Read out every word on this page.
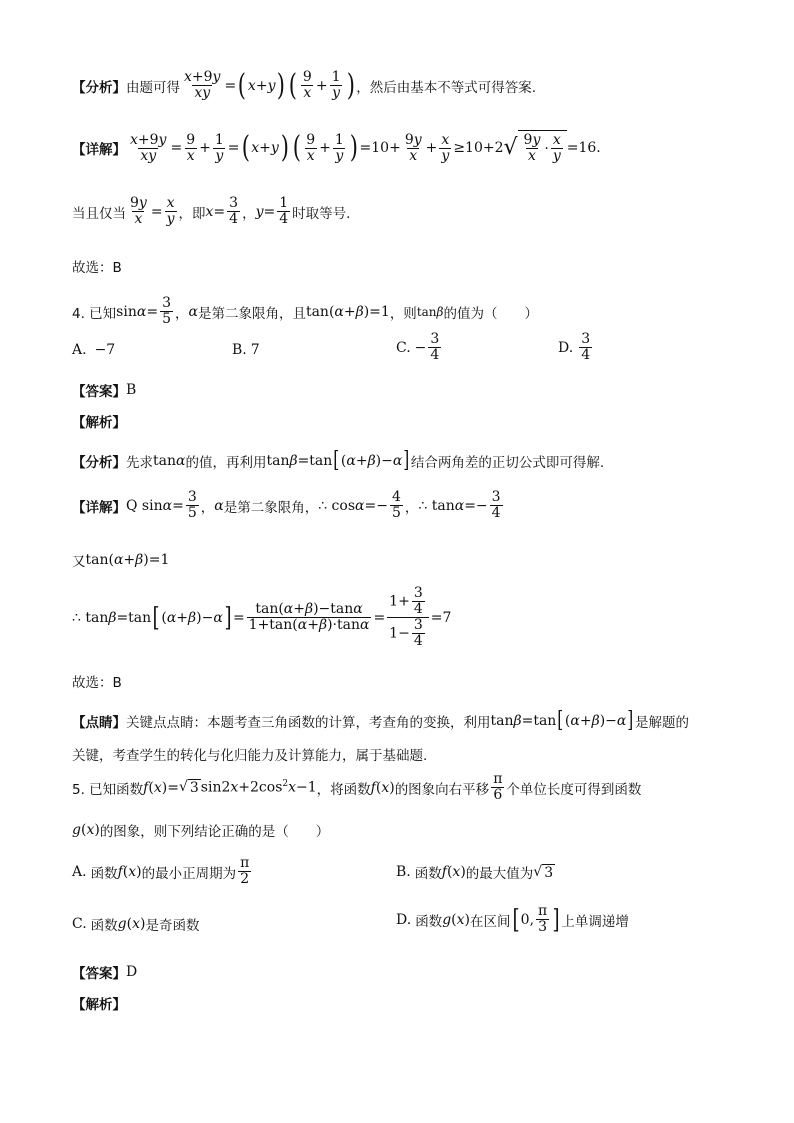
【分析】 由题可得 $\frac{x+9y}{xy}$ = ( x + y ) ( $\frac{9}{x} + \frac{1}{y}$ ) ，然后由基本不等式可得答案.
【详解】 $\frac{x+9y}{xy} = \frac{9}{x} + \frac{1}{y}$ = ( x + y ) ( $\frac{9}{x} + \frac{1}{y}$ ) $=10+ \frac{9y}{x} + \frac{x}{y} \ge 10+2$ √ $\frac{9y}{x} \cdot \frac{x}{y} =16$.
当且仅当 $\frac{9y}{x} = \frac{x}{y}$ ，即 $x = \frac{3}{4}$ ， $y = \frac{1}{4}$ 时取等号.
故选：B
4. 已知 $\sin \alpha = \frac{3}{5}$ ， α 是第二象限角，且 tan(α+β)=1 ，则 tanβ 的值为（　　）
A. −7	B. 7	C. − $\frac{3}{4}$	D. $\frac{3}{4}$
【答案】 B
【解析】
【分析】 先求 tanα 的值，再利用 tanβ=tan [ ( α + β )− α ] 结合两角差的正切公式即可得解.
【详解】 Q $\sin\alpha= \frac{3}{5}$ ， α 是第二象限角， ∴ $\cos\alpha=- \frac{4}{5}$ ， ∴ $\tan\alpha=- \frac{3}{4}$
又 tan(α+β)=1
∴ tanβ=tan [ ( α + β )− α ] = $\frac{\tan(\alpha+\beta)-\tan\alpha}{1+\tan(\alpha+\beta)\cdot\tan\alpha} = \frac{1+ \frac{3}{4}}{1- \frac{3}{4}} =7$
故选：B
【点睛】 关键点点睛：本题考查三角函数的计算，考查角的变换，利用 tanβ=tan [ ( α + β )− α ] 是解题的
关键，考查学生的转化与化归能力及计算能力，属于基础题.
5. 已知函数 f (x)= √ 3 $\sin 2x+2\cos^2x-1$ ，将函数 f (x) 的图象向右平移 $\frac{\pi}{6}$ 个单位长度可得到函数
g (x) 的图象，则下列结论正确的是（　　）
A. 函数 f ( x ) 的最小正周期为 $\frac{\pi}{2}$	B. 函数 f ( x ) 的最大值为 √ 3
C. 函数 g ( x ) 是奇函数	D. 函数 g ( x ) 在区间 [ 0, $\frac{\pi}{3}$ ] 上单调递增
【答案】 D
【解析】
